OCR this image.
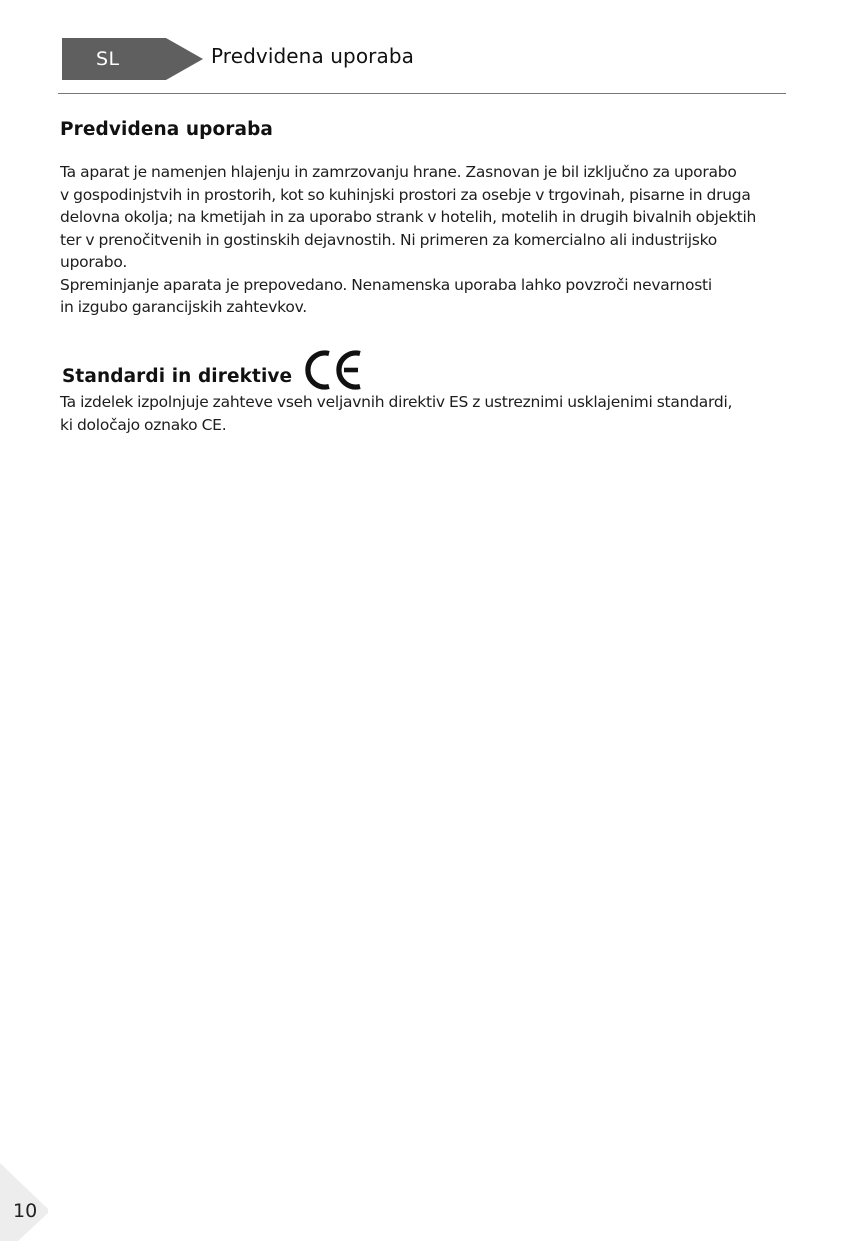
SL	Predvidena uporaba
Predvidena uporaba
Ta aparat je namenjen hlajenju in zamrzovanju hrane. Zasnovan je bil izključno za uporabo
v gospodinjstvih in prostorih, kot so kuhinjski prostori za osebje v trgovinah, pisarne in druga
delovna okolja; na kmetijah in za uporabo strank v hotelih, motelih in drugih bivalnih objektih
ter v prenočitvenih in gostinskih dejavnostih. Ni primeren za komercialno ali industrijsko
uporabo.
Spreminjanje aparata je prepovedano. Nenamenska uporaba lahko povzroči nevarnosti
in izgubo garancijskih zahtevkov.
Standardi in direktive
Ta izdelek izpolnjuje zahteve vseh veljavnih direktiv ES z ustreznimi usklajenimi standardi,
ki določajo oznako CE.
10
